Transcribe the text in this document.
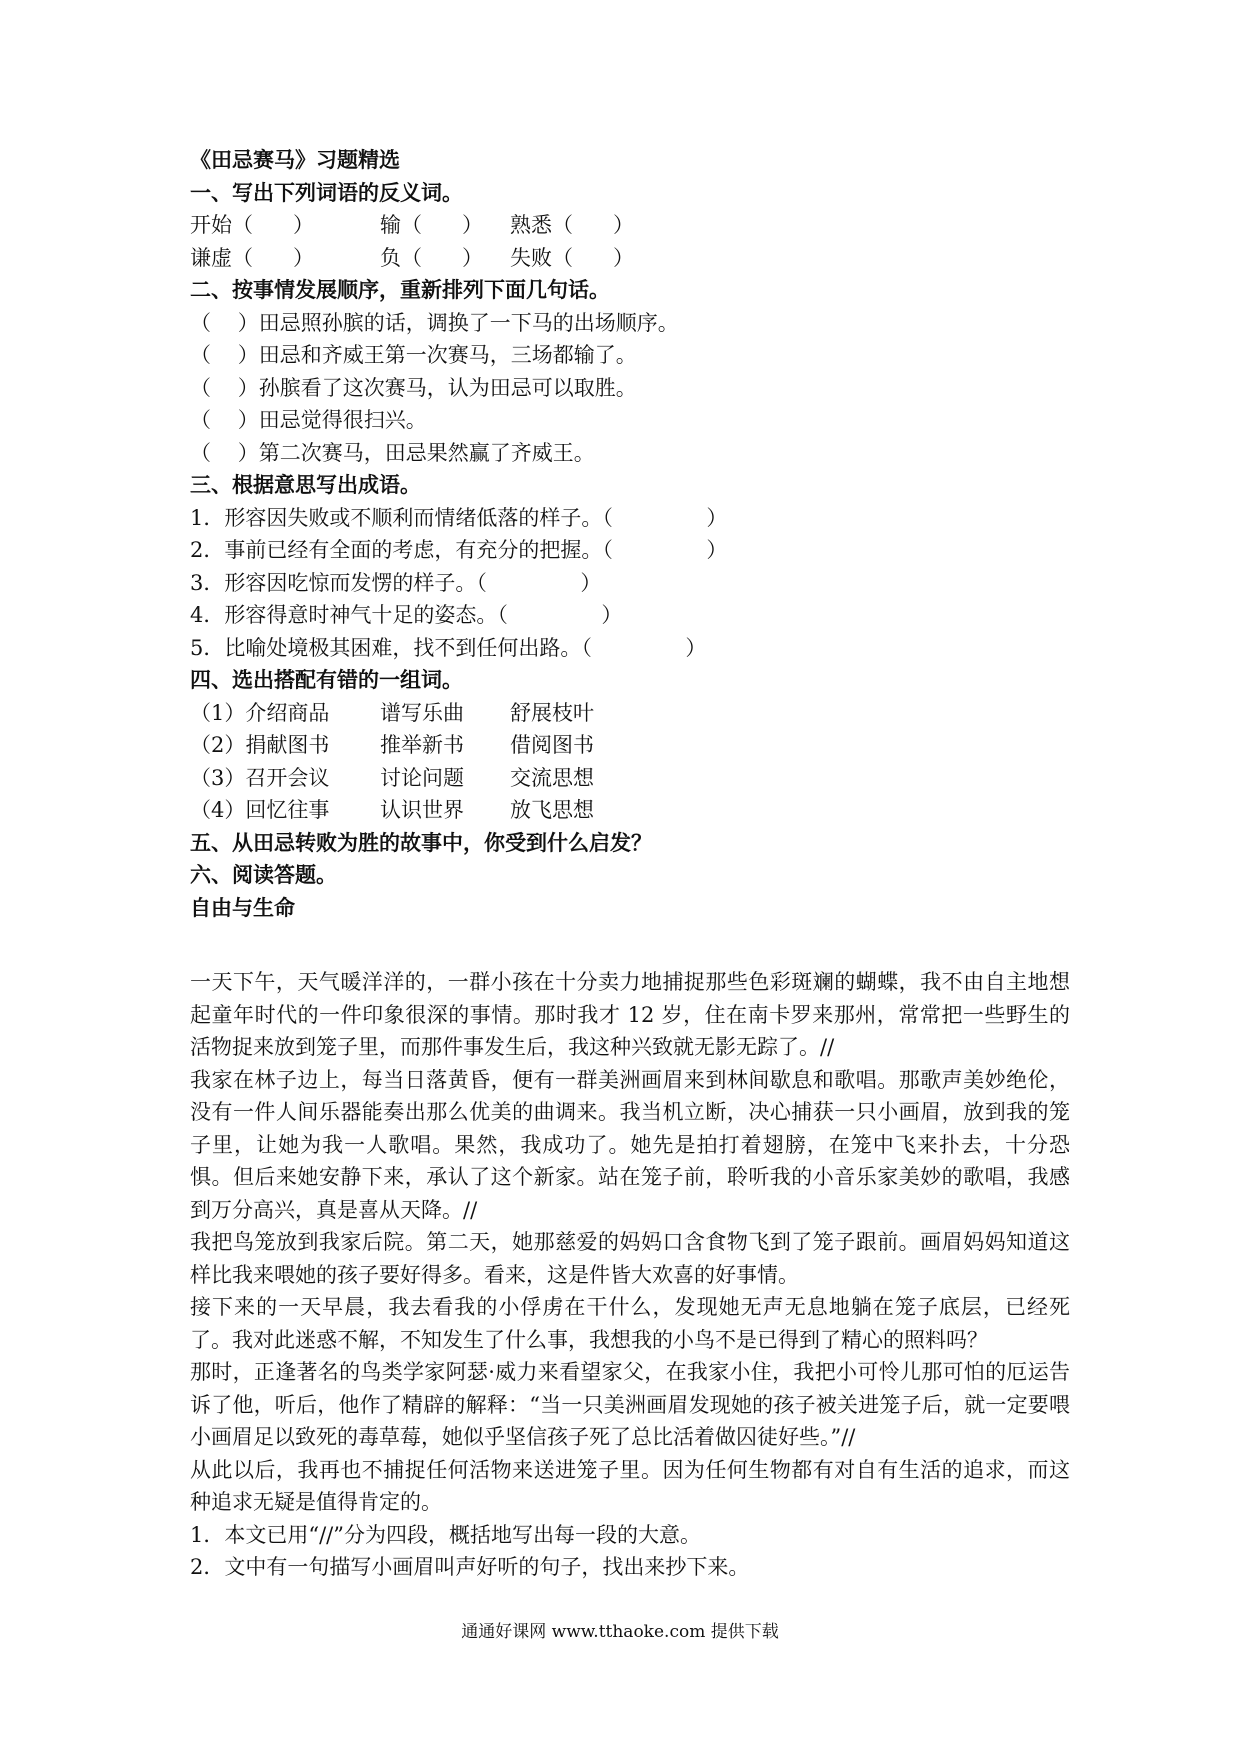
《田忌赛马》习题精选
一、写出下列词语的反义词。
开始（      ）	输（      ）	熟悉（      ）
谦虚（      ）	负（      ）	失败（      ）
二、按事情发展顺序，重新排列下面几句话。
（    ）田忌照孙膑的话，调换了一下马的出场顺序。
（    ）田忌和齐威王第一次赛马，三场都输了。
（    ）孙膑看了这次赛马，认为田忌可以取胜。
（    ）田忌觉得很扫兴。
（    ）第二次赛马，田忌果然赢了齐威王。
三、根据意思写出成语。
1．形容因失败或不顺利而情绪低落的样子。（              ）
2．事前已经有全面的考虑，有充分的把握。（              ）
3．形容因吃惊而发愣的样子。（              ）
4．形容得意时神气十足的姿态。（              ）
5．比喻处境极其困难，找不到任何出路。（              ）
四、选出搭配有错的一组词。
（1）介绍商品	谱写乐曲	舒展枝叶
（2）捐献图书	推举新书	借阅图书
（3）召开会议	讨论问题	交流思想
（4）回忆往事	认识世界	放飞思想
五、从田忌转败为胜的故事中，你受到什么启发？
六、阅读答题。
自由与生命
一天下午，天气暖洋洋的，一群小孩在十分卖力地捕捉那些色彩斑斓的蝴蝶，我不由自主地想起童年时代的一件印象很深的事情。那时我才 12 岁，住在南卡罗来那州，常常把一些野生的活物捉来放到笼子里，而那件事发生后，我这种兴致就无影无踪了。//
我家在林子边上，每当日落黄昏，便有一群美洲画眉来到林间歇息和歌唱。那歌声美妙绝伦，没有一件人间乐器能奏出那么优美的曲调来。我当机立断，决心捕获一只小画眉，放到我的笼子里，让她为我一人歌唱。果然，我成功了。她先是拍打着翅膀，在笼中飞来扑去，十分恐惧。但后来她安静下来，承认了这个新家。站在笼子前，聆听我的小音乐家美妙的歌唱，我感到万分高兴，真是喜从天降。//
我把鸟笼放到我家后院。第二天，她那慈爱的妈妈口含食物飞到了笼子跟前。画眉妈妈知道这样比我来喂她的孩子要好得多。看来，这是件皆大欢喜的好事情。
接下来的一天早晨，我去看我的小俘虏在干什么，发现她无声无息地躺在笼子底层，已经死了。我对此迷惑不解，不知发生了什么事，我想我的小鸟不是已得到了精心的照料吗？
那时，正逢著名的鸟类学家阿瑟·威力来看望家父，在我家小住，我把小可怜儿那可怕的厄运告诉了他，听后，他作了精辟的解释：“当一只美洲画眉发现她的孩子被关进笼子后，就一定要喂小画眉足以致死的毒草莓，她似乎坚信孩子死了总比活着做囚徒好些。”//
从此以后，我再也不捕捉任何活物来送进笼子里。因为任何生物都有对自有生活的追求，而这种追求无疑是值得肯定的。
1．本文已用“//”分为四段，概括地写出每一段的大意。
2．文中有一句描写小画眉叫声好听的句子，找出来抄下来。
通通好课网 www.tthaoke.com 提供下载
